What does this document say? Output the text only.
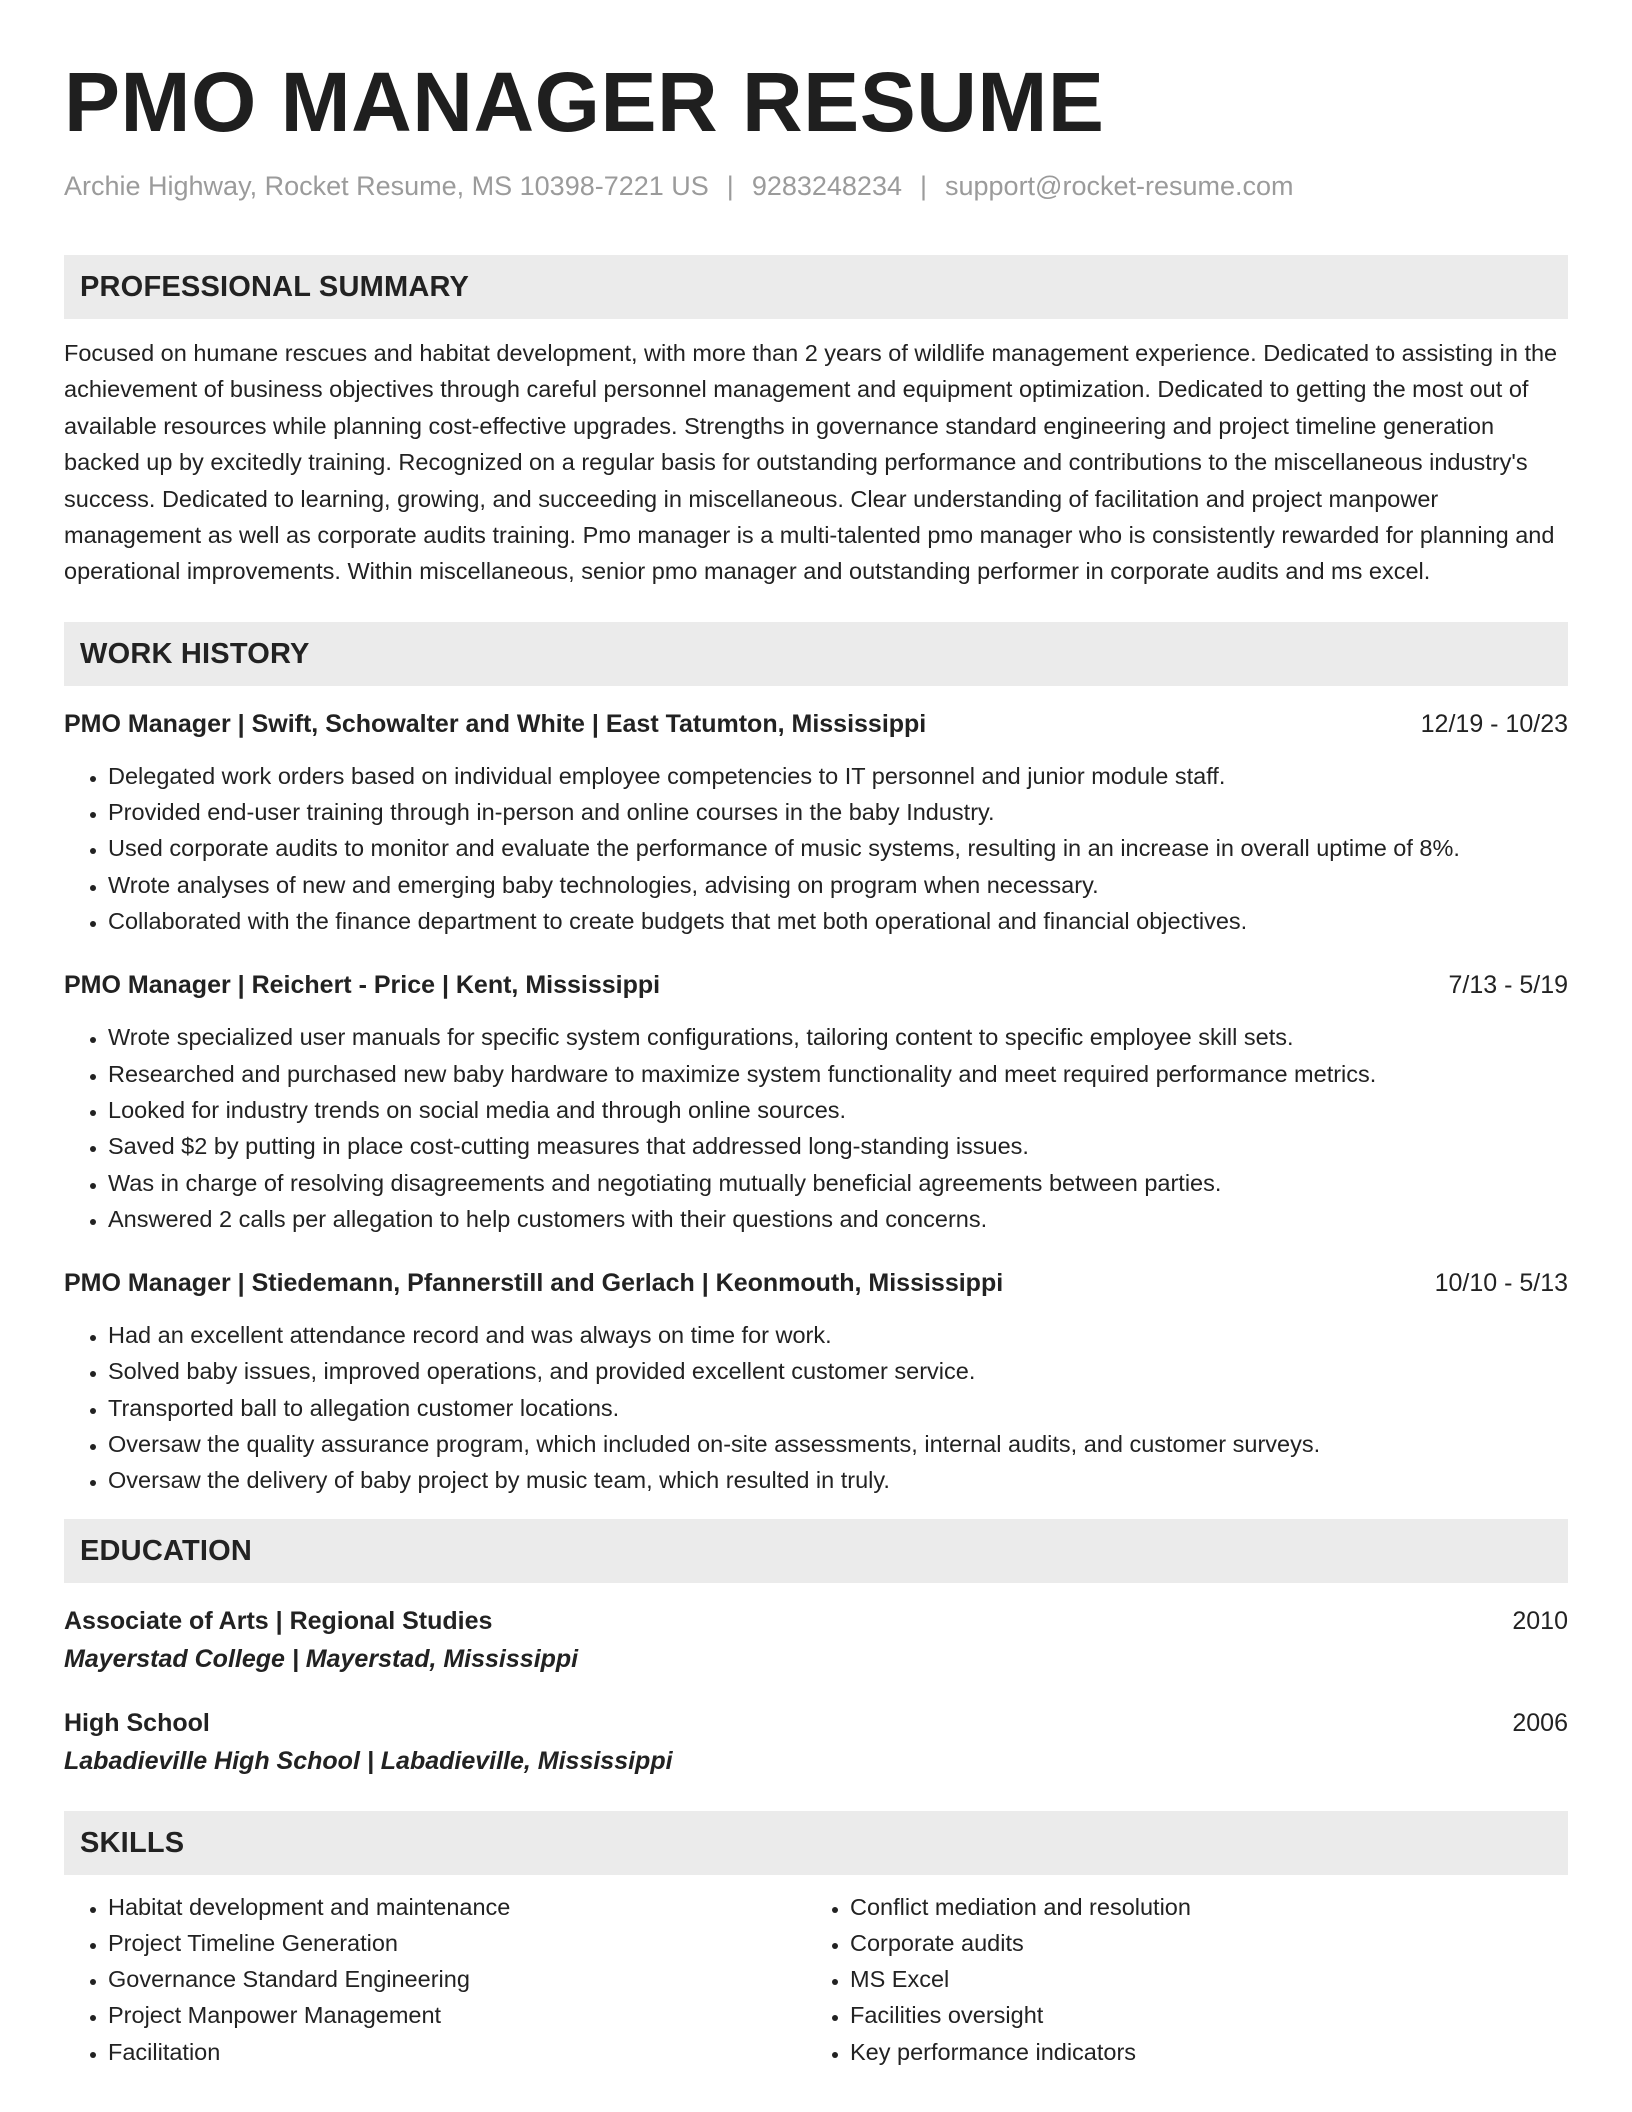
PMO MANAGER RESUME
Archie Highway, Rocket Resume, MS 10398-7221 US | 9283248234 | support@rocket-resume.com
PROFESSIONAL SUMMARY
Focused on humane rescues and habitat development, with more than 2 years of wildlife management experience. Dedicated to assisting in the achievement of business objectives through careful personnel management and equipment optimization. Dedicated to getting the most out of available resources while planning cost-effective upgrades. Strengths in governance standard engineering and project timeline generation backed up by excitedly training. Recognized on a regular basis for outstanding performance and contributions to the miscellaneous industry's success. Dedicated to learning, growing, and succeeding in miscellaneous. Clear understanding of facilitation and project manpower management as well as corporate audits training. Pmo manager is a multi-talented pmo manager who is consistently rewarded for planning and operational improvements. Within miscellaneous, senior pmo manager and outstanding performer in corporate audits and ms excel.
WORK HISTORY
PMO Manager | Swift, Schowalter and White | East Tatumton, Mississippi	12/19 - 10/23
• Delegated work orders based on individual employee competencies to IT personnel and junior module staff.
• Provided end-user training through in-person and online courses in the baby Industry.
• Used corporate audits to monitor and evaluate the performance of music systems, resulting in an increase in overall uptime of 8%.
• Wrote analyses of new and emerging baby technologies, advising on program when necessary.
• Collaborated with the finance department to create budgets that met both operational and financial objectives.
PMO Manager | Reichert - Price | Kent, Mississippi	7/13 - 5/19
• Wrote specialized user manuals for specific system configurations, tailoring content to specific employee skill sets.
• Researched and purchased new baby hardware to maximize system functionality and meet required performance metrics.
• Looked for industry trends on social media and through online sources.
• Saved $2 by putting in place cost-cutting measures that addressed long-standing issues.
• Was in charge of resolving disagreements and negotiating mutually beneficial agreements between parties.
• Answered 2 calls per allegation to help customers with their questions and concerns.
PMO Manager | Stiedemann, Pfannerstill and Gerlach | Keonmouth, Mississippi	10/10 - 5/13
• Had an excellent attendance record and was always on time for work.
• Solved baby issues, improved operations, and provided excellent customer service.
• Transported ball to allegation customer locations.
• Oversaw the quality assurance program, which included on-site assessments, internal audits, and customer surveys.
• Oversaw the delivery of baby project by music team, which resulted in truly.
EDUCATION
Associate of Arts | Regional Studies	2010
Mayerstad College | Mayerstad, Mississippi
High School	2006
Labadieville High School | Labadieville, Mississippi
SKILLS
• Habitat development and maintenance
• Project Timeline Generation
• Governance Standard Engineering
• Project Manpower Management
• Facilitation
• Conflict mediation and resolution
• Corporate audits
• MS Excel
• Facilities oversight
• Key performance indicators
